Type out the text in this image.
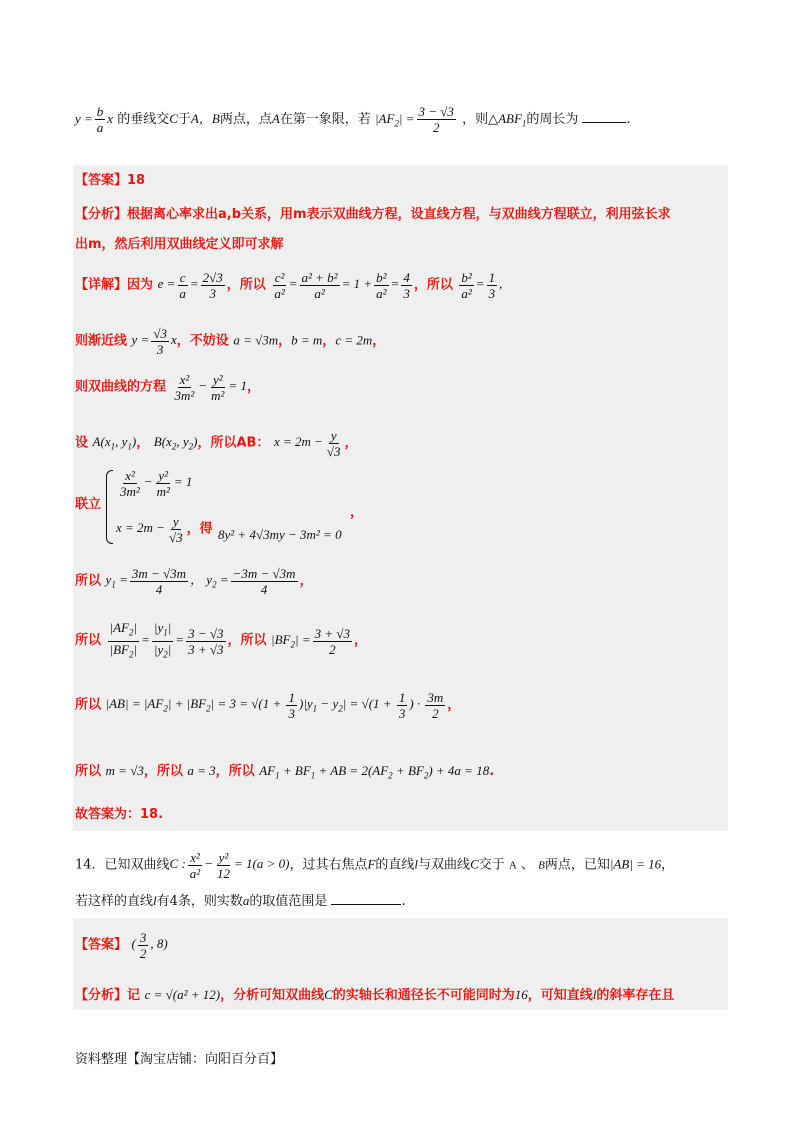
$y = \frac{b}{a}$ x 的垂线交C于A，B两点，点A在第一象限，若 $|AF_2| = \frac{3 - √3}{2}$ ，则$\triangle ABF_1$的周长为	.
【答案】18
【分析】根据离心率求出a,b关系，用m表示双曲线方程，设直线方程，与双曲线方程联立，利用弦长求
出m，然后利用双曲线定义即可求解
【详解】因为 $e = \frac{c}{a} = \frac{2√3}{3}$ ，所以 $\frac{\text{c²}}{\text{a²}} = \frac{\text{a² + b²}}{\text{a²}} = 1 + \frac{\text{b²}}{\text{a²}} = \frac{4}{3}$ ，所以 $\frac{\text{b²}}{\text{a²}} = \frac{1}{3}$ ,
则渐近线 $y = \frac{√3}{3}$ x，不妨设 a = √3m，b = m，c = 2m，
则双曲线的方程 $\frac{\text{x²}}{\text{3m²}} - \frac{\text{y²}}{\text{m²}} = 1$，
设 $A(x_1$, $y_1$)， $B(x_2$, $y_2$)，所以AB： $x = 2m - \frac{y}{√3}$ ，
联立
$\frac{\text{x²}}{\text{3m²}} - \frac{\text{y²}}{\text{m²}} = 1$
$x = 2m - \frac{y}{√3}$ ，得 8y² + 4√3my − 3m² = 0
，
所以 $y_1 = \frac{3m - √3m}{4}$ ， $y_2 = \frac{-3m - √3m}{4}$ ，
所以 $\frac{|AF_2|}{|BF_2|} = \frac{|y_1|}{|y_2|} = \frac{3 - √3}{3 + √3}$ ，所以 $|BF_2| = \frac{3 + √3}{2}$ ，
所以 $|AB| = |AF_2| + |BF_2| = 3 = √(1 + \frac{1}{3} )|y_1 - y_2| = √(1 + \frac{1}{3}$ ) · $\frac{3m}{2}$ ，
所以 m = √3，所以 a = 3，所以 $AF_1 + BF_1$ + AB = $2(AF_2 + BF_2) + 4a = 18$.
故答案为：18.
14．已知双曲线C : $\frac{\text{x²}}{\text{a²}} - \frac{\text{y²}}{12} = 1(a > 0)$，过其右焦点F的直线l与双曲线C交于 A 、 B两点，已知|AB| = 16，
若这样的直线l有4条，则实数a的取值范围是	.
【答案】 ( $\frac{3}{2}$ , 8)
【分析】记 c = √(a² + 12)，分析可知双曲线C的实轴长和通径长不可能同时为16，可知直线l的斜率存在且
资料整理【淘宝店铺：向阳百分百】
